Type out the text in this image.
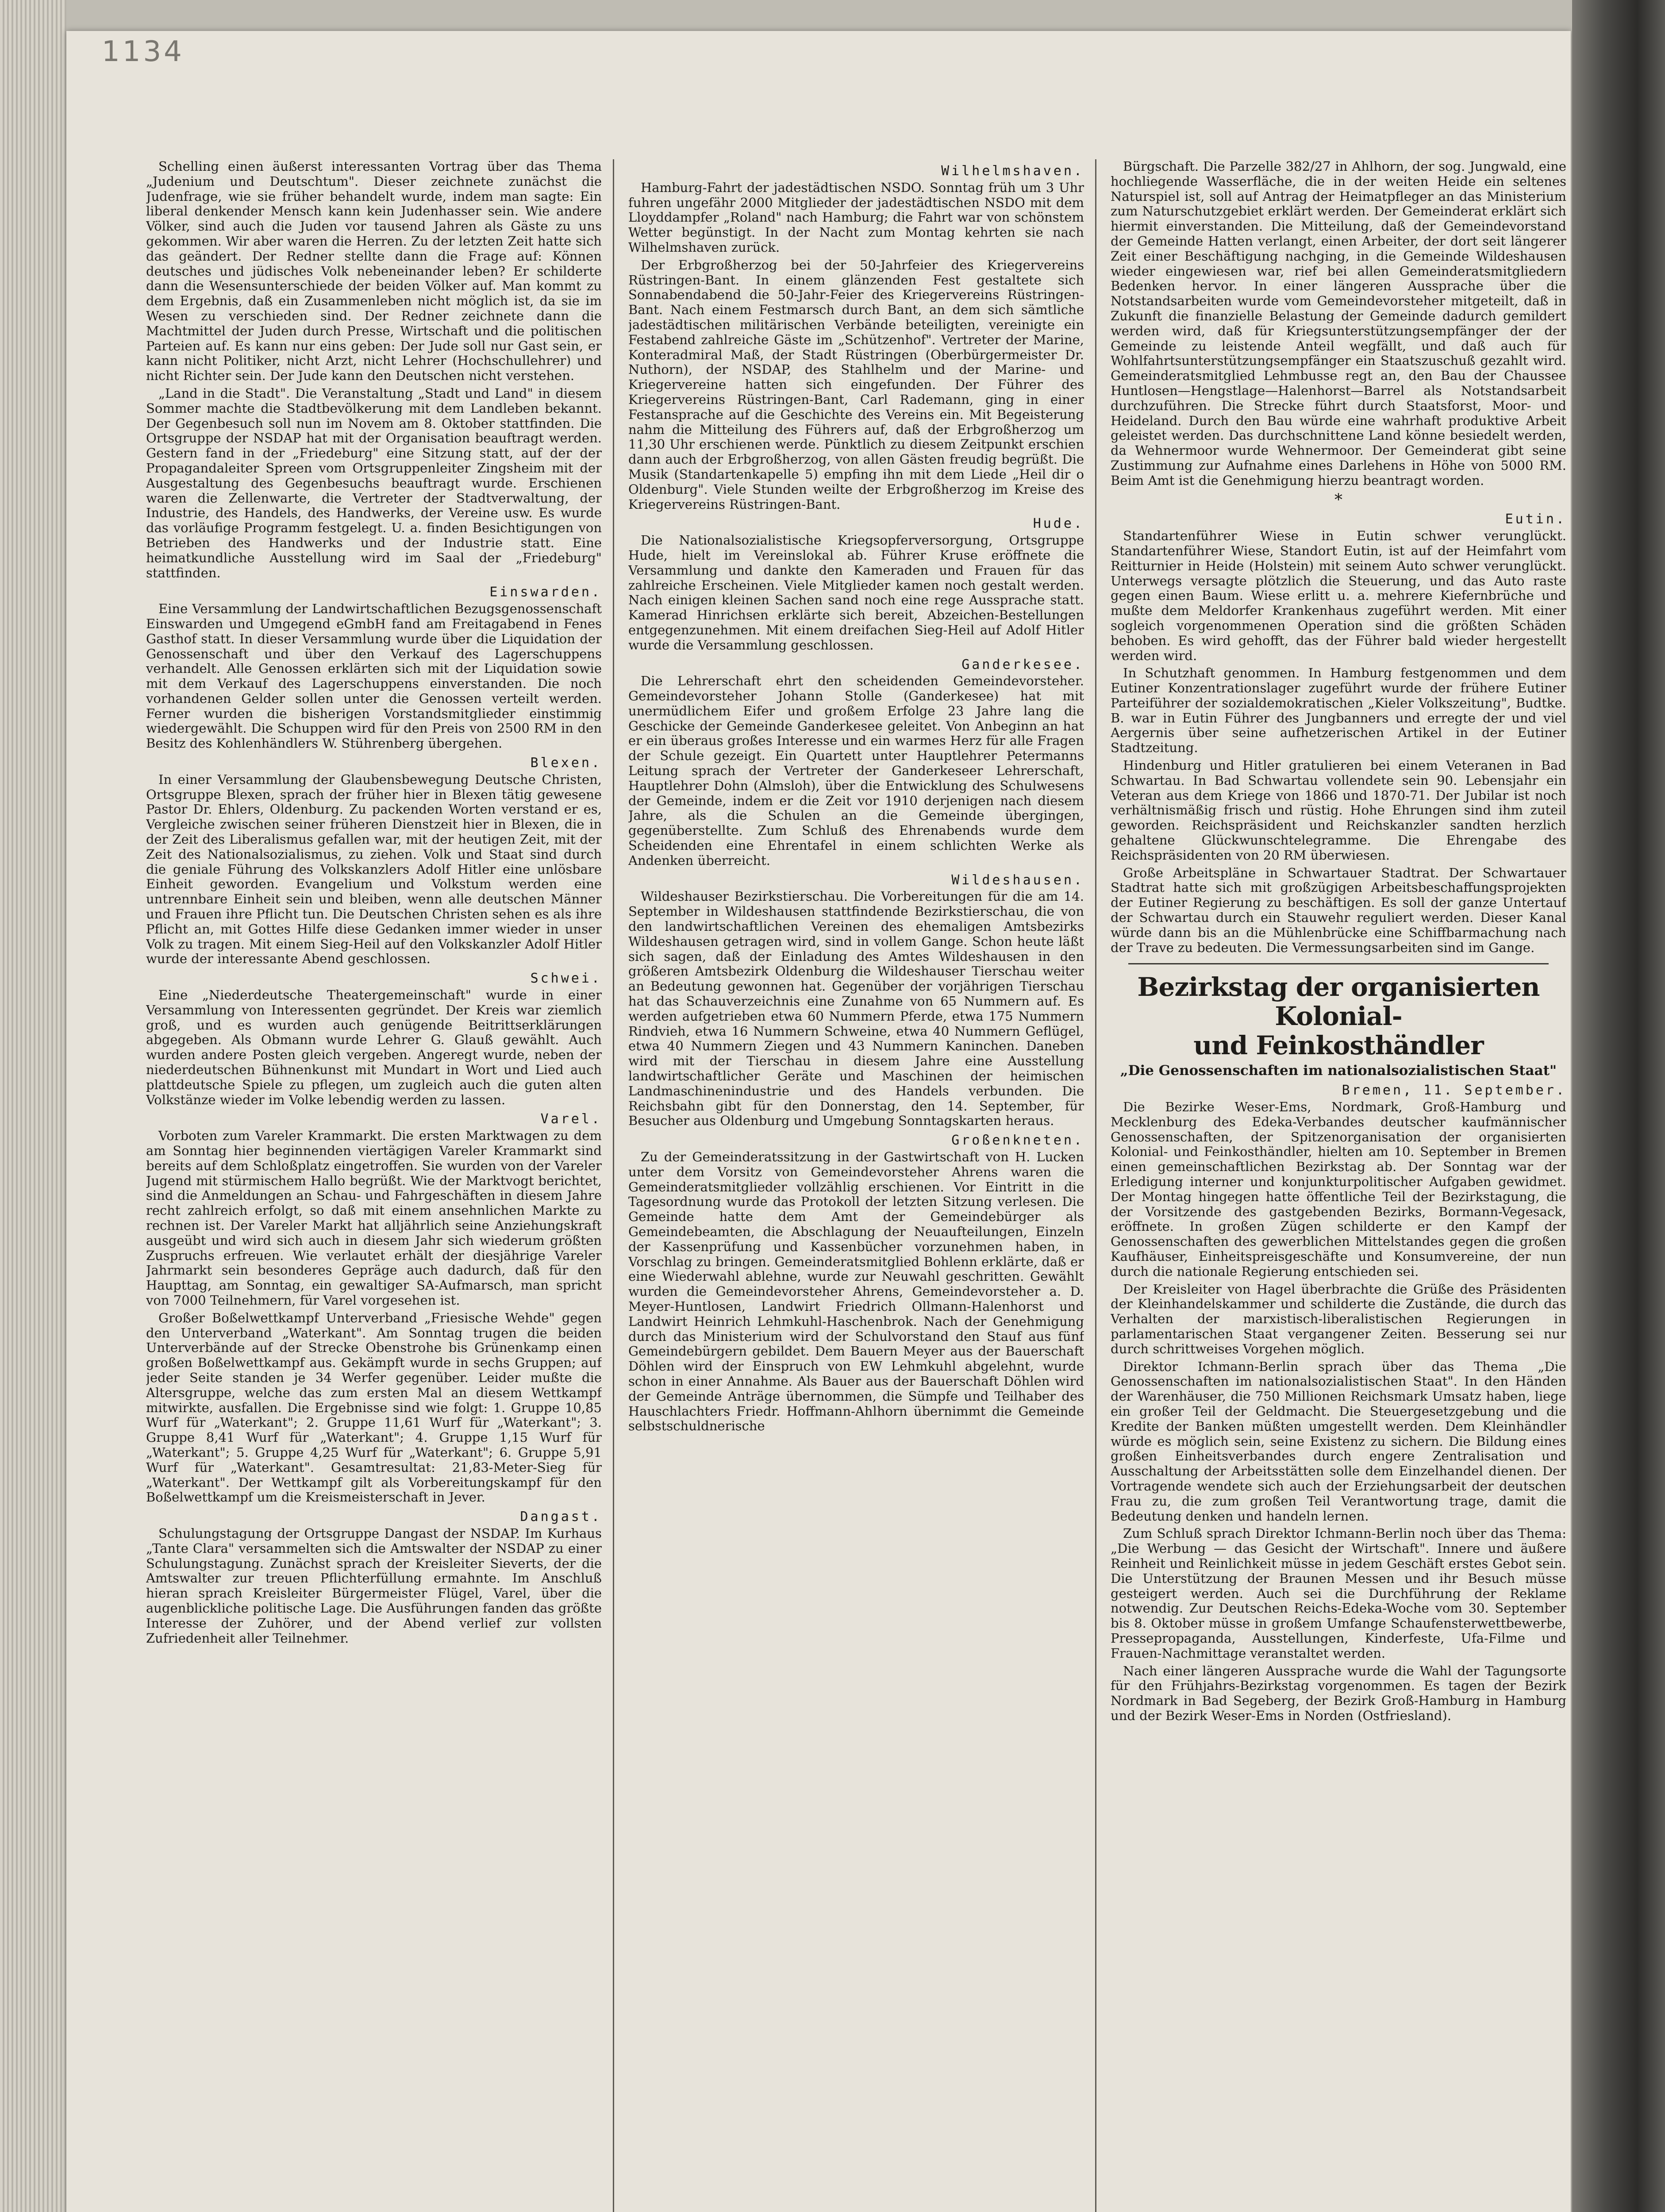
1134

Schelling einen äußerst interessanten Vortrag über das Thema „Judenium und Deutschtum". Dieser zeichnete zunächst die Judenfrage, wie sie früher behandelt wurde, indem man sagte: Ein liberal denkender Mensch kann kein Judenhasser sein. Wie andere Völker, sind auch die Juden vor tausend Jahren als Gäste zu uns gekommen. Wir aber waren die Herren. Zu der letzten Zeit hatte sich das geändert. Der Redner stellte dann die Frage auf: Können deutsches und jüdisches Volk nebeneinander leben? Er schilderte dann die Wesensunterschiede der beiden Völker auf. Man kommt zu dem Ergebnis, daß ein Zusammenleben nicht möglich ist, da sie im Wesen zu verschieden sind. Der Redner zeichnete dann die Machtmittel der Juden durch Presse, Wirtschaft und die politischen Parteien auf. Es kann nur eins geben: Der Jude soll nur Gast sein, er kann nicht Politiker, nicht Arzt, nicht Lehrer (Hochschullehrer) und nicht Richter sein. Der Jude kann den Deutschen nicht verstehen.

„Land in die Stadt". Die Veranstaltung „Stadt und Land" in diesem Sommer machte die Stadtbevölkerung mit dem Landleben bekannt. Der Gegenbesuch soll nun im Novem am 8. Oktober stattfinden. Die Ortsgruppe der NSDAP hat mit der Organisation beauftragt werden. Gestern fand in der „Friedeburg" eine Sitzung statt, auf der der Propagandaleiter Spreen vom Ortsgruppenleiter Zingsheim mit der Ausgestaltung des Gegenbesuchs beauftragt wurde. Erschienen waren die Zellenwarte, die Vertreter der Stadtverwaltung, der Industrie, des Handels, des Handwerks, der Vereine usw. Es wurde das vorläufige Programm festgelegt. U. a. finden Besichtigungen von Betrieben des Handwerks und der Industrie statt. Eine heimatkundliche Ausstellung wird im Saal der „Friedeburg" stattfinden.

Einswarden.

Eine Versammlung der Landwirtschaftlichen Bezugsgenossenschaft Einswarden und Umgegend eGmbH fand am Freitagabend in Fenes Gasthof statt. In dieser Versammlung wurde über die Liquidation der Genossenschaft und über den Verkauf des Lagerschuppens verhandelt. Alle Genossen erklärten sich mit der Liquidation sowie mit dem Verkauf des Lagerschuppens einverstanden. Die noch vorhandenen Gelder sollen unter die Genossen verteilt werden. Ferner wurden die bisherigen Vorstandsmitglieder einstimmig wiedergewählt. Die Schuppen wird für den Preis von 2500 RM in den Besitz des Kohlenhändlers W. Stührenberg übergehen.

Blexen.

In einer Versammlung der Glaubensbewegung Deutsche Christen, Ortsgruppe Blexen, sprach der früher hier in Blexen tätig gewesene Pastor Dr. Ehlers, Oldenburg. Zu packenden Worten verstand er es, Vergleiche zwischen seiner früheren Dienstzeit hier in Blexen, die in der Zeit des Liberalismus gefallen war, mit der heutigen Zeit, mit der Zeit des Nationalsozialismus, zu ziehen. Volk und Staat sind durch die geniale Führung des Volkskanzlers Adolf Hitler eine unlösbare Einheit geworden. Evangelium und Volkstum werden eine untrennbare Einheit sein und bleiben, wenn alle deutschen Männer und Frauen ihre Pflicht tun. Die Deutschen Christen sehen es als ihre Pflicht an, mit Gottes Hilfe diese Gedanken immer wieder in unser Volk zu tragen. Mit einem Sieg-Heil auf den Volkskanzler Adolf Hitler wurde der interessante Abend geschlossen.

Schwei.

Eine „Niederdeutsche Theatergemeinschaft" wurde in einer Versammlung von Interessenten gegründet. Der Kreis war ziemlich groß, und es wurden auch genügende Beitrittserklärungen abgegeben. Als Obmann wurde Lehrer G. Glauß gewählt. Auch wurden andere Posten gleich vergeben. Angeregt wurde, neben der niederdeutschen Bühnenkunst mit Mundart in Wort und Lied auch plattdeutsche Spiele zu pflegen, um zugleich auch die guten alten Volkstänze wieder im Volke lebendig werden zu lassen.

Varel.

Vorboten zum Vareler Krammarkt. Die ersten Marktwagen zu dem am Sonntag hier beginnenden viertägigen Vareler Krammarkt sind bereits auf dem Schloßplatz eingetroffen. Sie wurden von der Vareler Jugend mit stürmischem Hallo begrüßt. Wie der Marktvogt berichtet, sind die Anmeldungen an Schau- und Fahrgeschäften in diesem Jahre recht zahlreich erfolgt, so daß mit einem ansehnlichen Markte zu rechnen ist. Der Vareler Markt hat alljährlich seine Anziehungskraft ausgeübt und wird sich auch in diesem Jahr sich wiederum größten Zuspruchs erfreuen. Wie verlautet erhält der diesjährige Vareler Jahrmarkt sein besonderes Gepräge auch dadurch, daß für den Haupttag, am Sonntag, ein gewaltiger SA-Aufmarsch, man spricht von 7000 Teilnehmern, für Varel vorgesehen ist.

Großer Boßelwettkampf Unterverband „Friesische Wehde" gegen den Unterverband „Waterkant". Am Sonntag trugen die beiden Unterverbände auf der Strecke Obenstrohe bis Grünenkamp einen großen Boßelwettkampf aus. Gekämpft wurde in sechs Gruppen; auf jeder Seite standen je 34 Werfer gegenüber. Leider mußte die Altersgruppe, welche das zum ersten Mal an diesem Wettkampf mitwirkte, ausfallen. Die Ergebnisse sind wie folgt: 1. Gruppe 10,85 Wurf für „Waterkant"; 2. Gruppe 11,61 Wurf für „Waterkant"; 3. Gruppe 8,41 Wurf für „Waterkant"; 4. Gruppe 1,15 Wurf für „Waterkant"; 5. Gruppe 4,25 Wurf für „Waterkant"; 6. Gruppe 5,91 Wurf für „Waterkant". Gesamtresultat: 21,83-Meter-Sieg für „Waterkant". Der Wettkampf gilt als Vorbereitungskampf für den Boßelwettkampf um die Kreismeisterschaft in Jever.

Dangast.

Schulungstagung der Ortsgruppe Dangast der NSDAP. Im Kurhaus „Tante Clara" versammelten sich die Amtswalter der NSDAP zu einer Schulungstagung. Zunächst sprach der Kreisleiter Sieverts, der die Amtswalter zur treuen Pflichterfüllung ermahnte. Im Anschluß hieran sprach Kreisleiter Bürgermeister Flügel, Varel, über die augenblickliche politische Lage. Die Ausführungen fanden das größte Interesse der Zuhörer, und der Abend verlief zur vollsten Zufriedenheit aller Teilnehmer.

Wilhelmshaven.

Hamburg-Fahrt der jadestädtischen NSDO. Sonntag früh um 3 Uhr fuhren ungefähr 2000 Mitglieder der jadestädtischen NSDO mit dem Lloyddampfer „Roland" nach Hamburg; die Fahrt war von schönstem Wetter begünstigt. In der Nacht zum Montag kehrten sie nach Wilhelmshaven zurück.

Der Erbgroßherzog bei der 50-Jahrfeier des Kriegervereins Rüstringen-Bant. In einem glänzenden Fest gestaltete sich Sonnabendabend die 50-Jahr-Feier des Kriegervereins Rüstringen-Bant. Nach einem Festmarsch durch Bant, an dem sich sämtliche jadestädtischen militärischen Verbände beteiligten, vereinigte ein Festabend zahlreiche Gäste im „Schützenhof". Vertreter der Marine, Konteradmiral Maß, der Stadt Rüstringen (Oberbürgermeister Dr. Nuthorn), der NSDAP, des Stahlhelm und der Marine- und Kriegervereine hatten sich eingefunden. Der Führer des Kriegervereins Rüstringen-Bant, Carl Rademann, ging in einer Festansprache auf die Geschichte des Vereins ein. Mit Begeisterung nahm die Mitteilung des Führers auf, daß der Erbgroßherzog um 11,30 Uhr erschienen werde. Pünktlich zu diesem Zeitpunkt erschien dann auch der Erbgroßherzog, von allen Gästen freudig begrüßt. Die Musik (Standartenkapelle 5) empfing ihn mit dem Liede „Heil dir o Oldenburg". Viele Stunden weilte der Erbgroßherzog im Kreise des Kriegervereins Rüstringen-Bant.

Hude.

Die Nationalsozialistische Kriegsopferversorgung, Ortsgruppe Hude, hielt im Vereinslokal ab. Führer Kruse eröffnete die Versammlung und dankte den Kameraden und Frauen für das zahlreiche Erscheinen. Viele Mitglieder kamen noch gestalt werden. Nach einigen kleinen Sachen sand noch eine rege Aussprache statt. Kamerad Hinrichsen erklärte sich bereit, Abzeichen-Bestellungen entgegenzunehmen. Mit einem dreifachen Sieg-Heil auf Adolf Hitler wurde die Versammlung geschlossen.

Ganderkesee.

Die Lehrerschaft ehrt den scheidenden Gemeindevorsteher. Gemeindevorsteher Johann Stolle (Ganderkesee) hat mit unermüdlichem Eifer und großem Erfolge 23 Jahre lang die Geschicke der Gemeinde Ganderkesee geleitet. Von Anbeginn an hat er ein überaus großes Interesse und ein warmes Herz für alle Fragen der Schule gezeigt. Ein Quartett unter Hauptlehrer Petermanns Leitung sprach der Vertreter der Ganderkeseer Lehrerschaft, Hauptlehrer Dohn (Almsloh), über die Entwicklung des Schulwesens der Gemeinde, indem er die Zeit vor 1910 derjenigen nach diesem Jahre, als die Schulen an die Gemeinde übergingen, gegenüberstellte. Zum Schluß des Ehrenabends wurde dem Scheidenden eine Ehrentafel in einem schlichten Werke als Andenken überreicht.

Wildeshausen.

Wildeshauser Bezirkstierschau. Die Vorbereitungen für die am 14. September in Wildeshausen stattfindende Bezirkstierschau, die von den landwirtschaftlichen Vereinen des ehemaligen Amtsbezirks Wildeshausen getragen wird, sind in vollem Gange. Schon heute läßt sich sagen, daß der Einladung des Amtes Wildeshausen in den größeren Amtsbezirk Oldenburg die Wildeshauser Tierschau weiter an Bedeutung gewonnen hat. Gegenüber der vorjährigen Tierschau hat das Schauverzeichnis eine Zunahme von 65 Nummern auf. Es werden aufgetrieben etwa 60 Nummern Pferde, etwa 175 Nummern Rindvieh, etwa 16 Nummern Schweine, etwa 40 Nummern Geflügel, etwa 40 Nummern Ziegen und 43 Nummern Kaninchen. Daneben wird mit der Tierschau in diesem Jahre eine Ausstellung landwirtschaftlicher Geräte und Maschinen der heimischen Landmaschinenindustrie und des Handels verbunden. Die Reichsbahn gibt für den Donnerstag, den 14. September, für Besucher aus Oldenburg und Umgebung Sonntagskarten heraus.

Großenkneten.

Zu der Gemeinderatssitzung in der Gastwirtschaft von H. Lucken unter dem Vorsitz von Gemeindevorsteher Ahrens waren die Gemeinderatsmitglieder vollzählig erschienen. Vor Eintritt in die Tagesordnung wurde das Protokoll der letzten Sitzung verlesen. Die Gemeinde hatte dem Amt der Gemeindebürger als Gemeindebeamten, die Abschlagung der Neuaufteilungen, Einzeln der Kassenprüfung und Kassenbücher vorzunehmen haben, in Vorschlag zu bringen. Gemeinderatsmitglied Bohlenn erklärte, daß er eine Wiederwahl ablehne, wurde zur Neuwahl geschritten. Gewählt wurden die Gemeindevorsteher Ahrens, Gemeindevorsteher a. D. Meyer-Huntlosen, Landwirt Friedrich Ollmann-Halenhorst und Landwirt Heinrich Lehmkuhl-Haschenbrok. Nach der Genehmigung durch das Ministerium wird der Schulvorstand den Stauf aus fünf Gemeindebürgern gebildet. Dem Bauern Meyer aus der Bauerschaft Döhlen wird der Einspruch von EW Lehmkuhl abgelehnt, wurde schon in einer Annahme. Als Bauer aus der Bauerschaft Döhlen wird der Gemeinde Anträge übernommen, die Sümpfe und Teilhaber des Hauschlachters Friedr. Hoffmann-Ahlhorn übernimmt die Gemeinde selbstschuldnerische

Bürgschaft. Die Parzelle 382/27 in Ahlhorn, der sog. Jungwald, eine hochliegende Wasserfläche, die in der weiten Heide ein seltenes Naturspiel ist, soll auf Antrag der Heimatpfleger an das Ministerium zum Naturschutzgebiet erklärt werden. Der Gemeinderat erklärt sich hiermit einverstanden. Die Mitteilung, daß der Gemeindevorstand der Gemeinde Hatten verlangt, einen Arbeiter, der dort seit längerer Zeit einer Beschäftigung nachging, in die Gemeinde Wildeshausen wieder eingewiesen war, rief bei allen Gemeinderatsmitgliedern Bedenken hervor. In einer längeren Aussprache über die Notstandsarbeiten wurde vom Gemeindevorsteher mitgeteilt, daß in Zukunft die finanzielle Belastung der Gemeinde dadurch gemildert werden wird, daß für Kriegsunterstützungsempfänger der der Gemeinde zu leistende Anteil wegfällt, und daß auch für Wohlfahrtsunterstützungsempfänger ein Staatszuschuß gezahlt wird. Gemeinderatsmitglied Lehmbusse regt an, den Bau der Chaussee Huntlosen—Hengstlage—Halenhorst—Barrel als Notstandsarbeit durchzuführen. Die Strecke führt durch Staatsforst, Moor- und Heideland. Durch den Bau würde eine wahrhaft produktive Arbeit geleistet werden. Das durchschnittene Land könne besiedelt werden, da Wehnermoor wurde Wehnermoor. Der Gemeinderat gibt seine Zustimmung zur Aufnahme eines Darlehens in Höhe von 5000 RM. Beim Amt ist die Genehmigung hierzu beantragt worden.

*
Eutin.

Standartenführer Wiese in Eutin schwer verunglückt. Standartenführer Wiese, Standort Eutin, ist auf der Heimfahrt vom Reitturnier in Heide (Holstein) mit seinem Auto schwer verunglückt. Unterwegs versagte plötzlich die Steuerung, und das Auto raste gegen einen Baum. Wiese erlitt u. a. mehrere Kiefernbrüche und mußte dem Meldorfer Krankenhaus zugeführt werden. Mit einer sogleich vorgenommenen Operation sind die größten Schäden behoben. Es wird gehofft, das der Führer bald wieder hergestellt werden wird.

In Schutzhaft genommen. In Hamburg festgenommen und dem Eutiner Konzentrationslager zugeführt wurde der frühere Eutiner Parteiführer der sozialdemokratischen „Kieler Volkszeitung", Budtke. B. war in Eutin Führer des Jungbanners und erregte der und viel Aergernis über seine aufhetzerischen Artikel in der Eutiner Stadtzeitung.

Hindenburg und Hitler gratulieren bei einem Veteranen in Bad Schwartau. In Bad Schwartau vollendete sein 90. Lebensjahr ein Veteran aus dem Kriege von 1866 und 1870-71. Der Jubilar ist noch verhältnismäßig frisch und rüstig. Hohe Ehrungen sind ihm zuteil geworden. Reichspräsident und Reichskanzler sandten herzlich gehaltene Glückwunschtelegramme. Die Ehrengabe des Reichspräsidenten von 20 RM überwiesen.

Große Arbeitspläne in Schwartauer Stadtrat. Der Schwartauer Stadtrat hatte sich mit großzügigen Arbeitsbeschaffungsprojekten der Eutiner Regierung zu beschäftigen. Es soll der ganze Untertauf der Schwartau durch ein Stauwehr reguliert werden. Dieser Kanal würde dann bis an die Mühlenbrücke eine Schiffbarmachung nach der Trave zu bedeuten. Die Vermessungsarbeiten sind im Gange.

Bezirkstag der organisierten Kolonial-
und Feinkosthändler
„Die Genossenschaften im nationalsozialistischen Staat"
Bremen, 11. September.

Die Bezirke Weser-Ems, Nordmark, Groß-Hamburg und Mecklenburg des Edeka-Verbandes deutscher kaufmännischer Genossenschaften, der Spitzenorganisation der organisierten Kolonial- und Feinkosthändler, hielten am 10. September in Bremen einen gemeinschaftlichen Bezirkstag ab. Der Sonntag war der Erledigung interner und konjunkturpolitischer Aufgaben gewidmet. Der Montag hingegen hatte öffentliche Teil der Bezirkstagung, die der Vorsitzende des gastgebenden Bezirks, Bormann-Vegesack, eröffnete. In großen Zügen schilderte er den Kampf der Genossenschaften des gewerblichen Mittelstandes gegen die großen Kaufhäuser, Einheitspreisgeschäfte und Konsumvereine, der nun durch die nationale Regierung entschieden sei.

Der Kreisleiter von Hagel überbrachte die Grüße des Präsidenten der Kleinhandelskammer und schilderte die Zustände, die durch das Verhalten der marxistisch-liberalistischen Regierungen in parlamentarischen Staat vergangener Zeiten. Besserung sei nur durch schrittweises Vorgehen möglich.

Direktor Ichmann-Berlin sprach über das Thema „Die Genossenschaften im nationalsozialistischen Staat". In den Händen der Warenhäuser, die 750 Millionen Reichsmark Umsatz haben, liege ein großer Teil der Geldmacht. Die Steuergesetzgebung und die Kredite der Banken müßten umgestellt werden. Dem Kleinhändler würde es möglich sein, seine Existenz zu sichern. Die Bildung eines großen Einheitsverbandes durch engere Zentralisation und Ausschaltung der Arbeitsstätten solle dem Einzelhandel dienen. Der Vortragende wendete sich auch der Erziehungsarbeit der deutschen Frau zu, die zum großen Teil Verantwortung trage, damit die Bedeutung denken und handeln lernen.

Zum Schluß sprach Direktor Ichmann-Berlin noch über das Thema: „Die Werbung — das Gesicht der Wirtschaft". Innere und äußere Reinheit und Reinlichkeit müsse in jedem Geschäft erstes Gebot sein. Die Unterstützung der Braunen Messen und ihr Besuch müsse gesteigert werden. Auch sei die Durchführung der Reklame notwendig. Zur Deutschen Reichs-Edeka-Woche vom 30. September bis 8. Oktober müsse in großem Umfange Schaufensterwettbewerbe, Pressepropaganda, Ausstellungen, Kinderfeste, Ufa-Filme und Frauen-Nachmittage veranstaltet werden.

Nach einer längeren Aussprache wurde die Wahl der Tagungsorte für den Frühjahrs-Bezirkstag vorgenommen. Es tagen der Bezirk Nordmark in Bad Segeberg, der Bezirk Groß-Hamburg in Hamburg und der Bezirk Weser-Ems in Norden (Ostfriesland).
